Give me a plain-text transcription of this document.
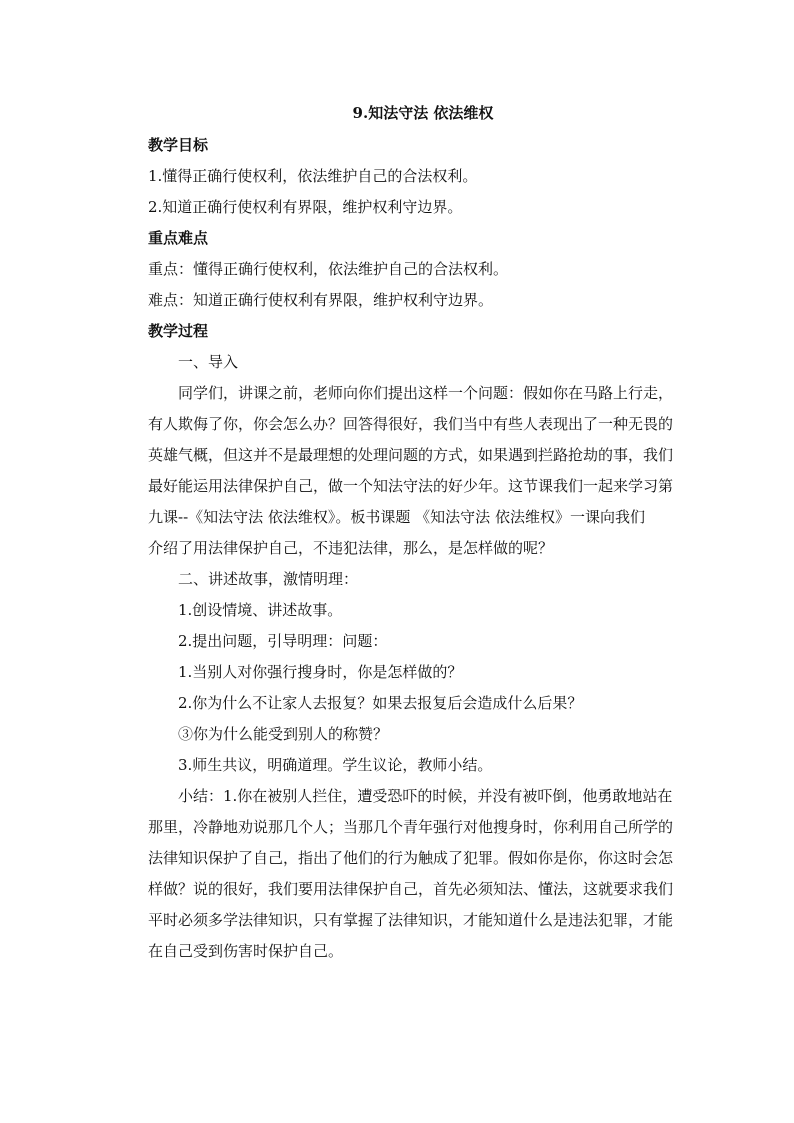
9.知法守法 依法维权
教学目标
1.懂得正确行使权利，依法维护自己的合法权利。
2.知道正确行使权利有界限，维护权利守边界。
重点难点
重点：懂得正确行使权利，依法维护自己的合法权利。
难点：知道正确行使权利有界限，维护权利守边界。
教学过程
一、导入
同学们，讲课之前，老师向你们提出这样一个问题：假如你在马路上行走，
有人欺侮了你，你会怎么办？回答得很好，我们当中有些人表现出了一种无畏的
英雄气概，但这并不是最理想的处理问题的方式，如果遇到拦路抢劫的事，我们
最好能运用法律保护自己，做一个知法守法的好少年。这节课我们一起来学习第
九课--《知法守法 依法维权》。板书课题 《知法守法 依法维权》一课向我们
介绍了用法律保护自己，不违犯法律，那么，是怎样做的呢？
二、讲述故事，激情明理：
1.创设情境、讲述故事。
2.提出问题，引导明理：问题：
1.当别人对你强行搜身时，你是怎样做的？
2.你为什么不让家人去报复？如果去报复后会造成什么后果？
③你为什么能受到别人的称赞？
3.师生共议，明确道理。学生议论，教师小结。
小结：1.你在被别人拦住，遭受恐吓的时候，并没有被吓倒，他勇敢地站在
那里，冷静地劝说那几个人；当那几个青年强行对他搜身时，你利用自己所学的
法律知识保护了自己，指出了他们的行为触成了犯罪。假如你是你，你这时会怎
样做？说的很好，我们要用法律保护自己，首先必须知法、懂法，这就要求我们
平时必须多学法律知识，只有掌握了法律知识，才能知道什么是违法犯罪，才能
在自己受到伤害时保护自己。
